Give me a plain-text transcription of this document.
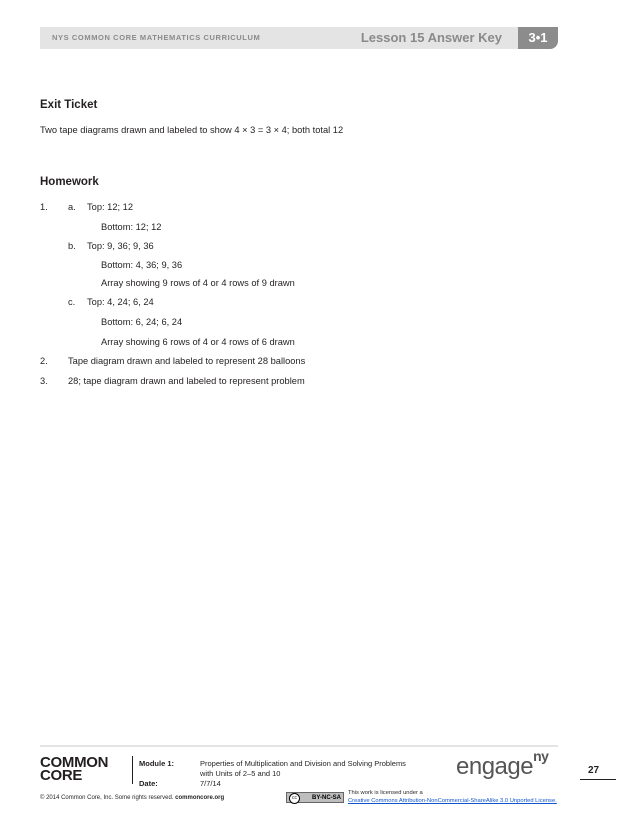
NYS COMMON CORE MATHEMATICS CURRICULUM	Lesson 15 Answer Key	3•1
Exit Ticket
Two tape diagrams drawn and labeled to show 4 × 3 = 3 × 4; both total 12
Homework
1. a. Top: 12; 12
Bottom: 12; 12
b. Top: 9, 36; 9, 36
Bottom: 4, 36; 9, 36
Array showing 9 rows of 4 or 4 rows of 9 drawn
c. Top: 4, 24; 6, 24
Bottom: 6, 24; 6, 24
Array showing 6 rows of 4 or 4 rows of 6 drawn
2. Tape diagram drawn and labeled to represent 28 balloons
3. 28; tape diagram drawn and labeled to represent problem
COMMON
CORE
Module 1:	Properties of Multiplication and Division and Solving Problems
with Units of 2–5 and 10
Date:	7/7/14
engage$^{ny}$
27
© 2014 Common Core, Inc. Some rights reserved. commoncore.org	BY-NC-SA
cc
This work is licensed under a
Creative Commons Attribution-NonCommercial-ShareAlike 3.0 Unported License.
